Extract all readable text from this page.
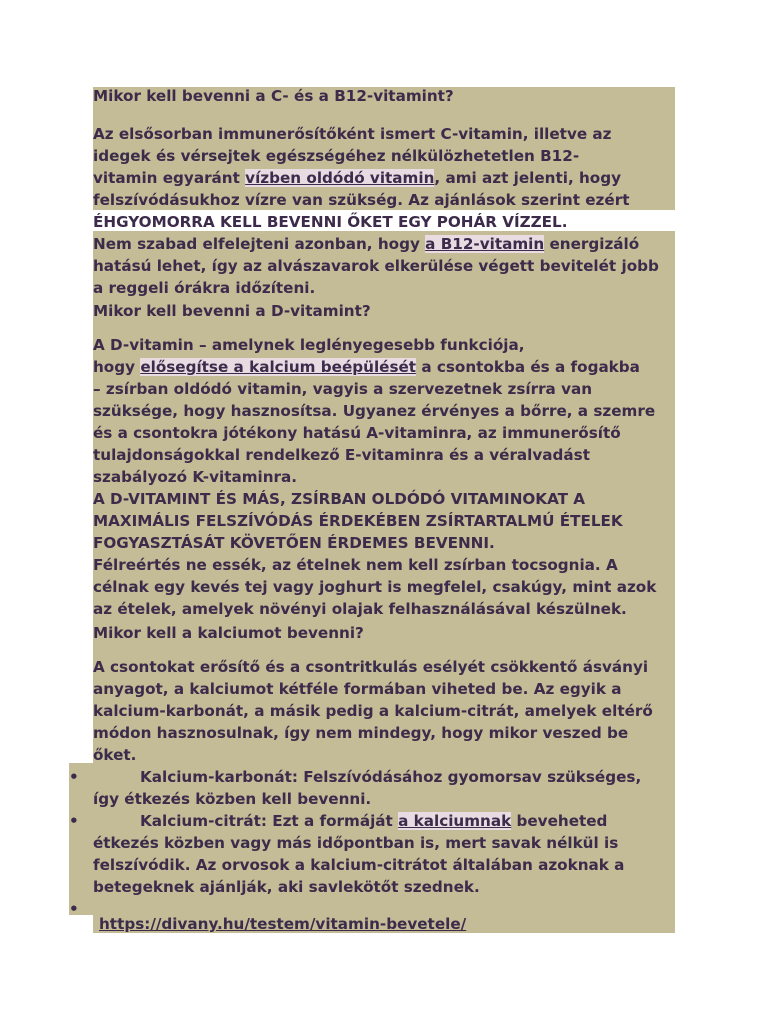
Mikor kell bevenni a C- és a B12-vitamint?
Az elsősorban immunerősítőként ismert C-vitamin, illetve az
idegek és vérsejtek egészségéhez nélkülözhetetlen B12-
vitamin egyaránt vízben oldódó vitamin, ami azt jelenti, hogy
felszívódásukhoz vízre van szükség. Az ajánlások szerint ezért
ÉHGYOMORRA KELL BEVENNI ŐKET EGY POHÁR VÍZZEL.
Nem szabad elfelejteni azonban, hogy a B12-vitamin energizáló
hatású lehet, így az alvászavarok elkerülése végett bevitelét jobb
a reggeli órákra időzíteni.
Mikor kell bevenni a D-vitamint?
A D-vitamin – amelynek leglényegesebb funkciója,
hogy elősegítse a kalcium beépülését a csontokba és a fogakba
– zsírban oldódó vitamin, vagyis a szervezetnek zsírra van
szüksége, hogy hasznosítsa. Ugyanez érvényes a bőrre, a szemre
és a csontokra jótékony hatású A-vitaminra, az immunerősítő
tulajdonságokkal rendelkező E-vitaminra és a véralvadást
szabályozó K-vitaminra.
A D-VITAMINT ÉS MÁS, ZSÍRBAN OLDÓDÓ VITAMINOKAT A
MAXIMÁLIS FELSZÍVÓDÁS ÉRDEKÉBEN ZSÍRTARTALMÚ ÉTELEK
FOGYASZTÁSÁT KÖVETŐEN ÉRDEMES BEVENNI.
Félreértés ne essék, az ételnek nem kell zsírban tocsognia. A
célnak egy kevés tej vagy joghurt is megfelel, csakúgy, mint azok
az ételek, amelyek növényi olajak felhasználásával készülnek.
Mikor kell a kalciumot bevenni?
A csontokat erősítő és a csontritkulás esélyét csökkentő ásványi
anyagot, a kalciumot kétféle formában viheted be. Az egyik a
kalcium-karbonát, a másik pedig a kalcium-citrát, amelyek eltérő
módon hasznosulnak, így nem mindegy, hogy mikor veszed be
őket.
•	Kalcium-karbonát: Felszívódásához gyomorsav szükséges,
így étkezés közben kell bevenni.
•	Kalcium-citrát: Ezt a formáját a kalciumnak beveheted
étkezés közben vagy más időpontban is, mert savak nélkül is
felszívódik. Az orvosok a kalcium-citrátot általában azoknak a
betegeknek ajánlják, aki savlekötőt szednek.
•
https://divany.hu/testem/vitamin-bevetele/
